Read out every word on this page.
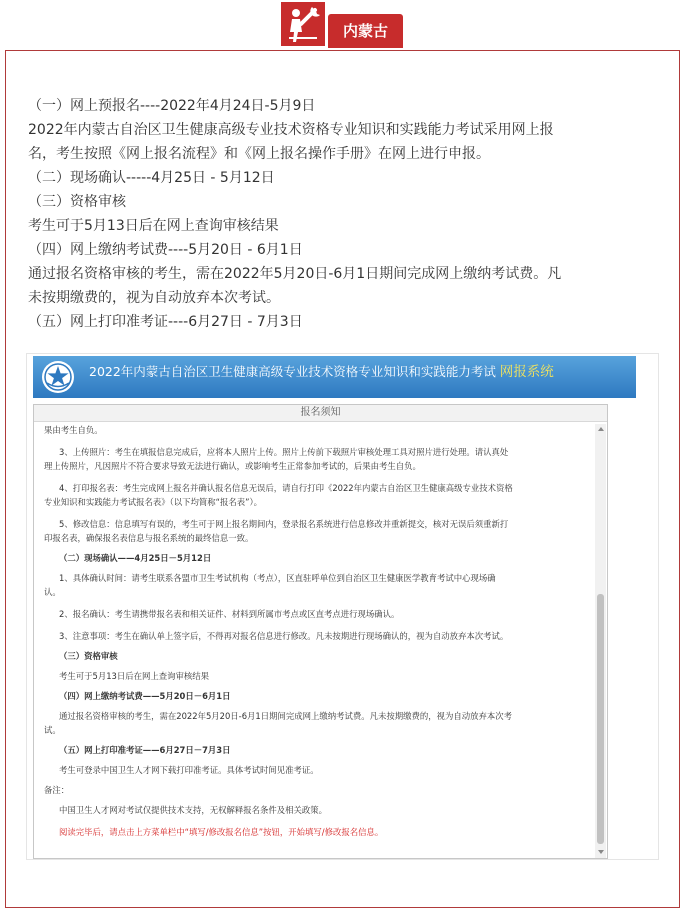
内蒙古
（一）网上预报名----2022年4月24日-5月9日
2022年内蒙古自治区卫生健康高级专业技术资格专业知识和实践能力考试采用网上报
名，考生按照《网上报名流程》和《网上报名操作手册》在网上进行申报。
（二）现场确认-----4月25日 - 5月12日
（三）资格审核
考生可于5月13日后在网上查询审核结果
（四）网上缴纳考试费----5月20日 - 6月1日
通过报名资格审核的考生，需在2022年5月20日-6月1日期间完成网上缴纳考试费。凡
未按期缴费的，视为自动放弃本次考试。
（五）网上打印准考证----6月27日 - 7月3日
2022年内蒙古自治区卫生健康高级专业技术资格专业知识和实践能力考试 网报系统
报名须知

果由考生自负。

3、上传照片：考生在填报信息完成后，应将本人照片上传。照片上传前下载照片审核处理工具对照片进行处理。请认真处

理上传照片，凡因照片不符合要求导致无法进行确认，或影响考生正常参加考试的，后果由考生自负。

4、打印报名表：考生完成网上报名并确认报名信息无误后，请自行打印《2022年内蒙古自治区卫生健康高级专业技术资格

专业知识和实践能力考试报名表》（以下均简称“报名表”）。

5、修改信息：信息填写有误的，考生可于网上报名期间内，登录报名系统进行信息修改并重新提交，核对无误后须重新打

印报名表，确保报名表信息与报名系统的最终信息一致。

（二）现场确认——4月25日－5月12日

1、具体确认时间：请考生联系各盟市卫生考试机构（考点），区直驻呼单位到自治区卫生健康医学教育考试中心现场确

认。

2、报名确认：考生请携带报名表和相关证件、材料到所属市考点或区直考点进行现场确认。

3、注意事项：考生在确认单上签字后，不得再对报名信息进行修改。凡未按期进行现场确认的，视为自动放弃本次考试。

（三）资格审核

考生可于5月13日后在网上查询审核结果

（四）网上缴纳考试费——5月20日－6月1日

通过报名资格审核的考生，需在2022年5月20日-6月1日期间完成网上缴纳考试费。凡未按期缴费的，视为自动放弃本次考

试。

（五）网上打印准考证——6月27日－7月3日

考生可登录中国卫生人才网下载打印准考证。具体考试时间见准考证。

备注：

中国卫生人才网对考试仅提供技术支持，无权解释报名条件及相关政策。

阅读完毕后，请点击上方菜单栏中“填写/修改报名信息”按钮，开始填写/修改报名信息。
